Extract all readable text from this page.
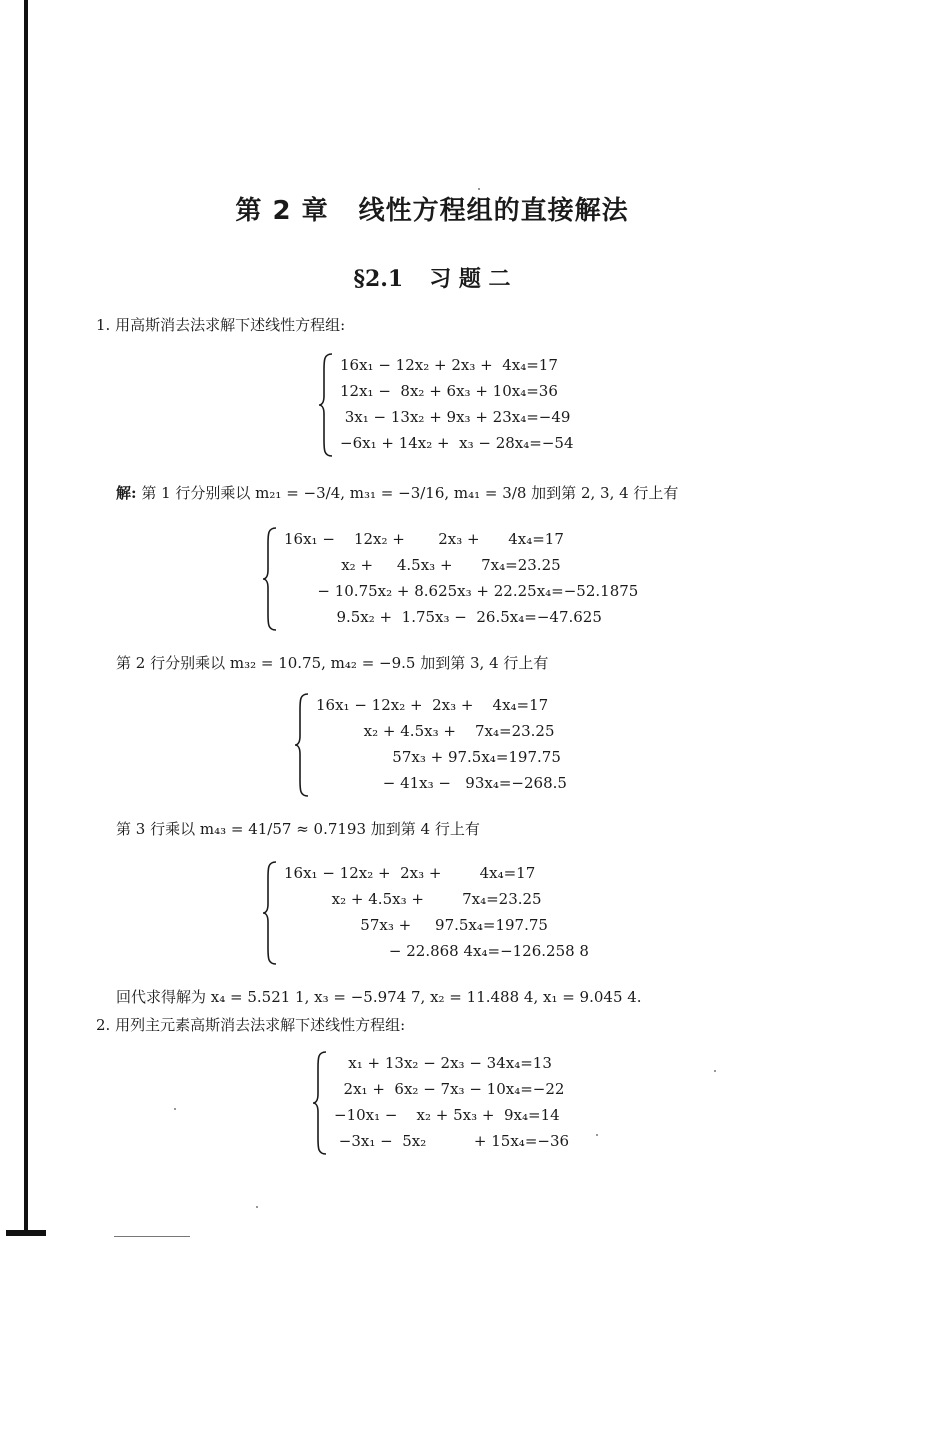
第 2 章 线性方程组的直接解法
§2.1 习 题 二
1. 用高斯消去法求解下述线性方程组:
16x₁ − 12x₂ + 2x₃ +  4x₄=17
12x₁ −  8x₂ + 6x₃ + 10x₄=36
3x₁ − 13x₂ + 9x₃ + 23x₄=−49
−6x₁ + 14x₂ +  x₃ − 28x₄=−54
解: 第 1 行分别乘以 m₂₁ = −3/4, m₃₁ = −3/16, m₄₁ = 3/8 加到第 2, 3, 4 行上有
16x₁ −    12x₂ +       2x₃ +      4x₄=17
x₂ +     4.5x₃ +      7x₄=23.25
− 10.75x₂ + 8.625x₃ + 22.25x₄=−52.1875
9.5x₂ +  1.75x₃ −  26.5x₄=−47.625
第 2 行分别乘以 m₃₂ = 10.75, m₄₂ = −9.5 加到第 3, 4 行上有
16x₁ − 12x₂ +  2x₃ +    4x₄=17
x₂ + 4.5x₃ +    7x₄=23.25
57x₃ + 97.5x₄=197.75
− 41x₃ −   93x₄=−268.5
第 3 行乘以 m₄₃ = 41/57 ≈ 0.7193 加到第 4 行上有
16x₁ − 12x₂ +  2x₃ +        4x₄=17
x₂ + 4.5x₃ +        7x₄=23.25
57x₃ +     97.5x₄=197.75
− 22.868 4x₄=−126.258 8
回代求得解为 x₄ = 5.521 1, x₃ = −5.974 7, x₂ = 11.488 4, x₁ = 9.045 4.
2. 用列主元素高斯消去法求解下述线性方程组:
x₁ + 13x₂ − 2x₃ − 34x₄=13
2x₁ +  6x₂ − 7x₃ − 10x₄=−22
−10x₁ −    x₂ + 5x₃ +  9x₄=14
−3x₁ −  5x₂          + 15x₄=−36
